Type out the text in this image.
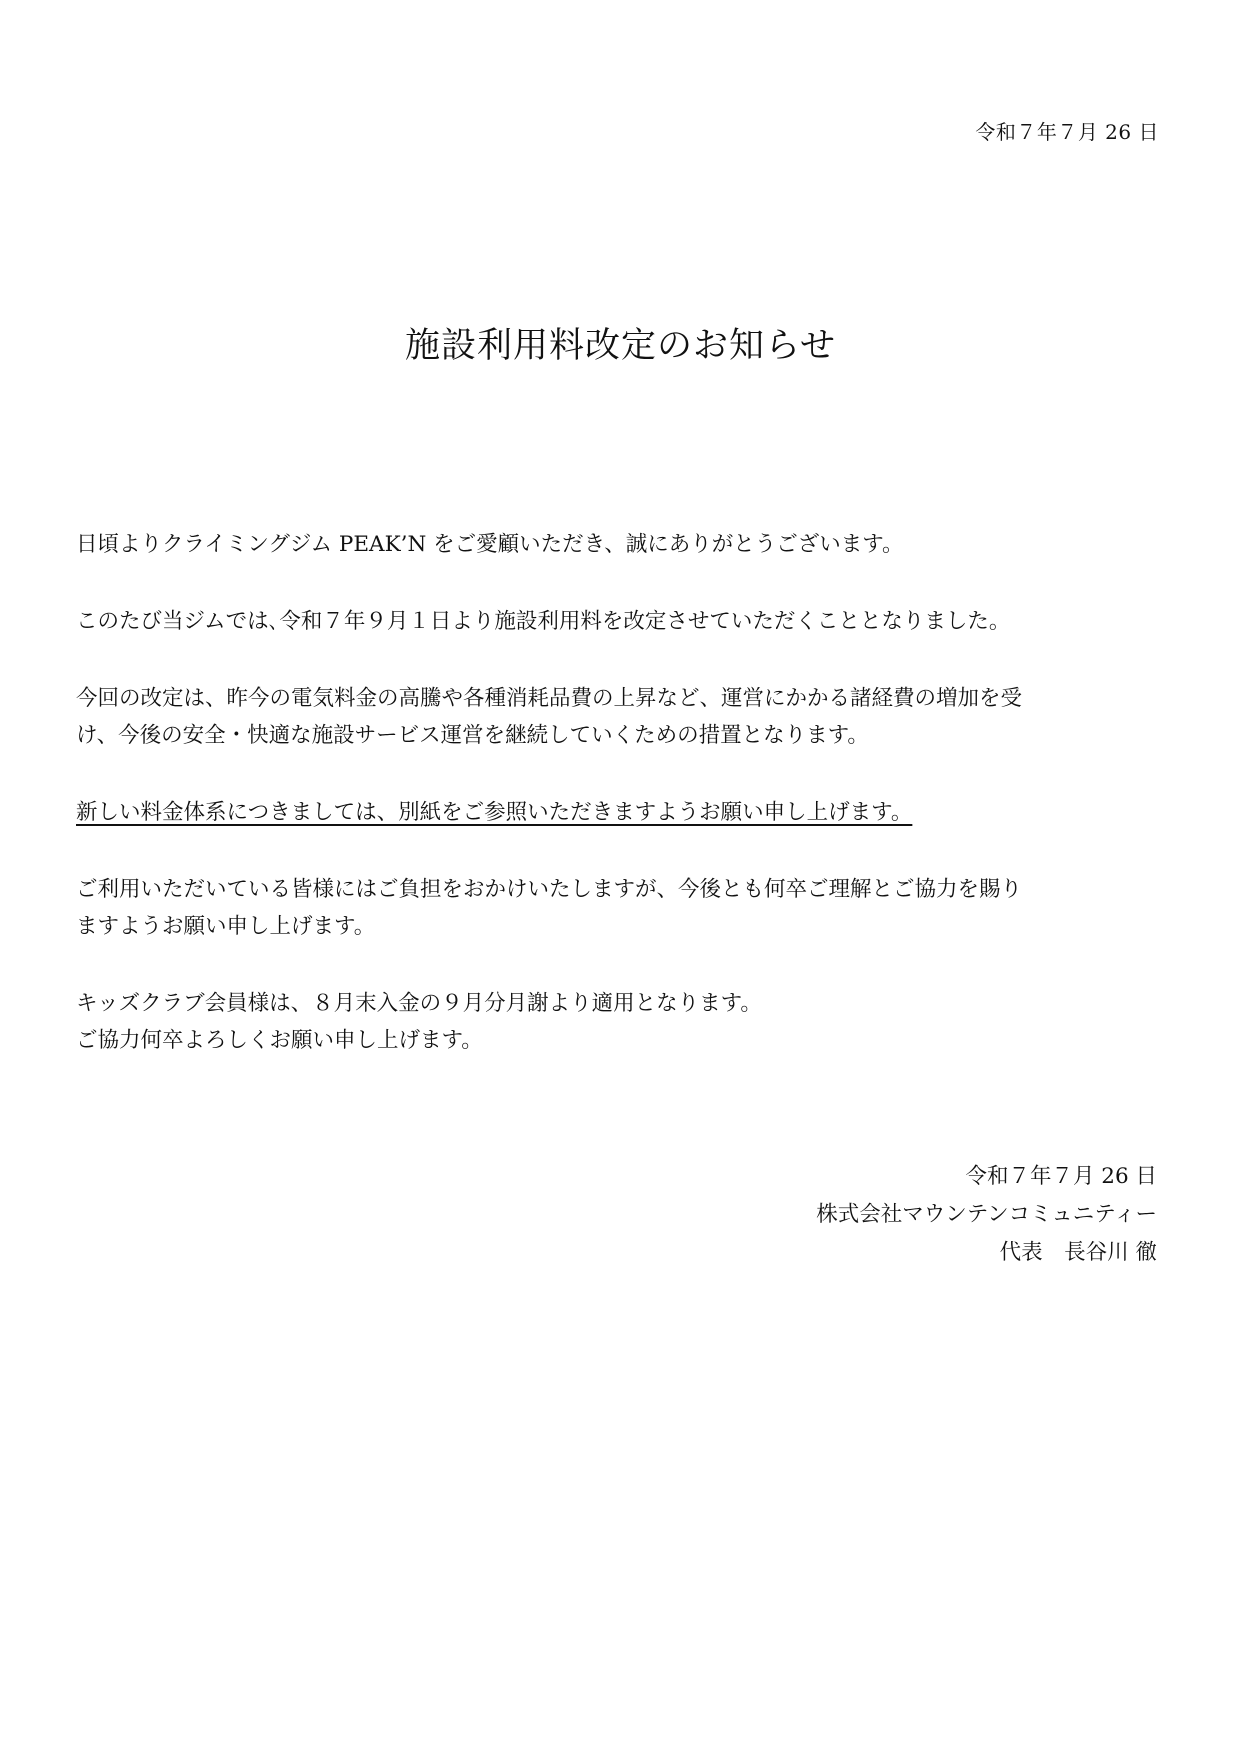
令和７年７月 26 日
施設利用料改定のお知らせ

日頃よりクライミングジム PEAK’N をご愛顧いただき、誠にありがとうございます。

このたび当ジムでは､令和７年９月１日より施設利用料を改定させていただくこととなりました。

今回の改定は、昨今の電気料金の高騰や各種消耗品費の上昇など、運営にかかる諸経費の増加を受
け、今後の安全・快適な施設サービス運営を継続していくための措置となります。

新しい料金体系につきましては、別紙をご参照いただきますようお願い申し上げます。

ご利用いただいている皆様にはご負担をおかけいたしますが、今後とも何卒ご理解とご協力を賜り
ますようお願い申し上げます。

キッズクラブ会員様は、８月末入金の９月分月謝より適用となります。
ご協力何卒よろしくお願い申し上げます。

令和７年７月 26 日
株式会社マウンテンコミュニティー
代表　長谷川 徹
